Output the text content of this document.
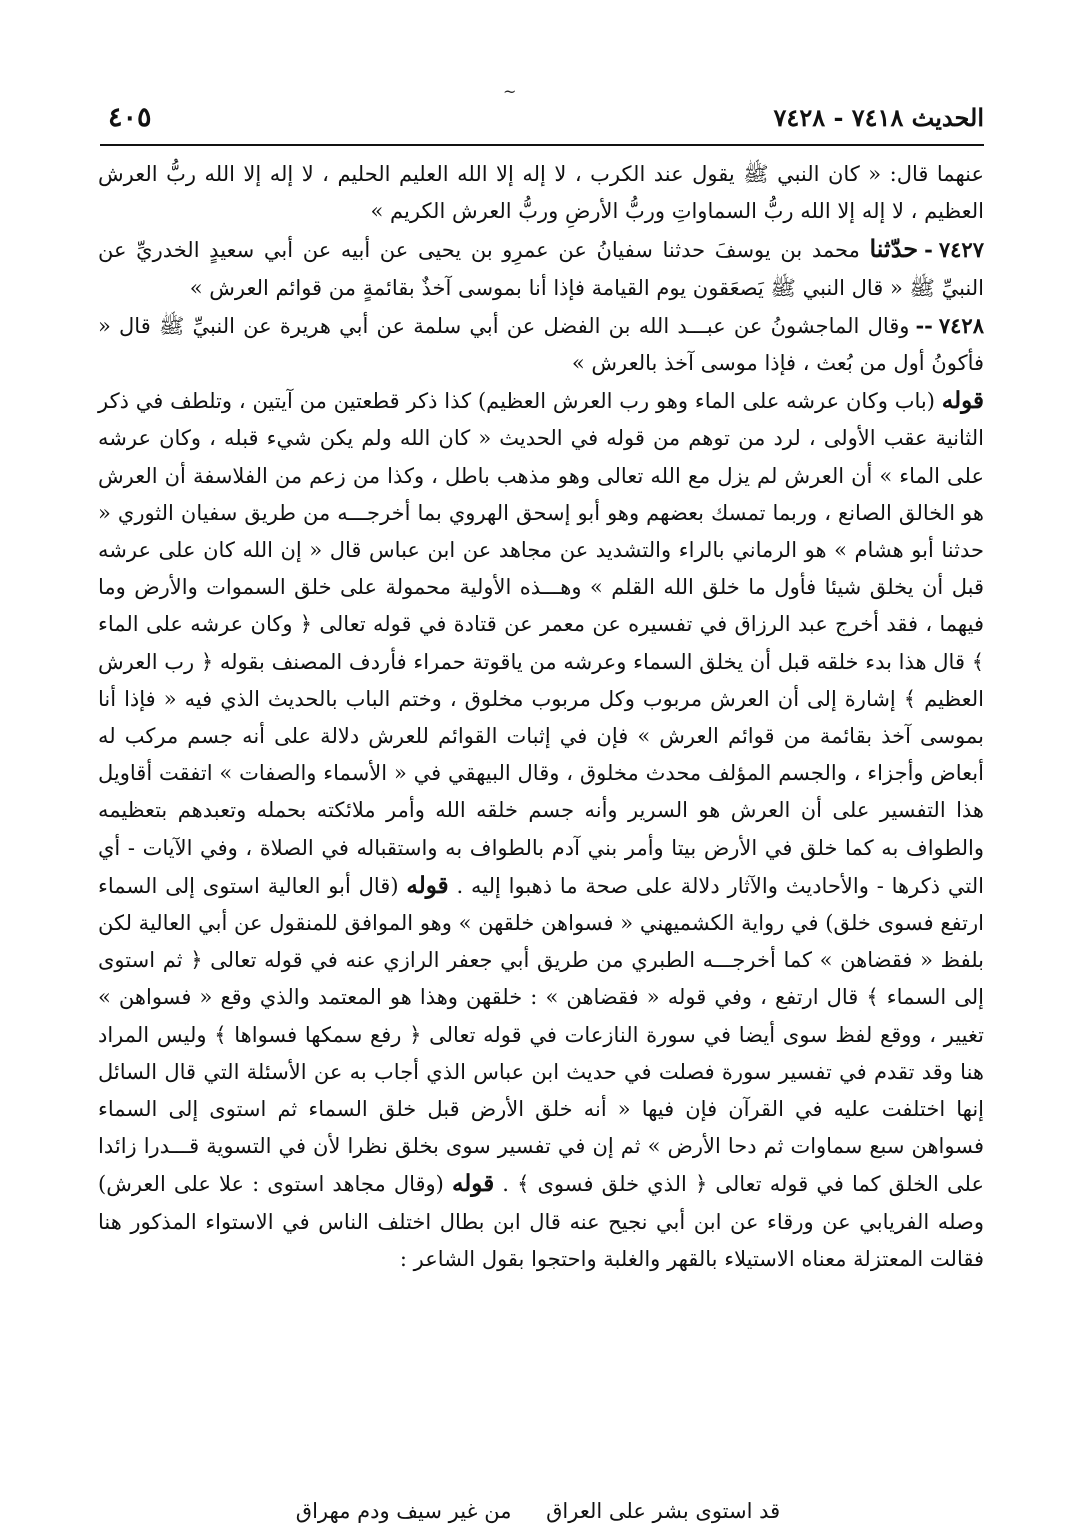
~
الحديث ٧٤١٨ - ٧٤٢٨
٤٠٥

عنهما قال: « كان النبي ﷺ يقول عند الكرب ، لا إله إلا الله العليم الحليم ، لا إله إلا الله ربُّ العرش العظيم ، لا إله إلا الله ربُّ السماواتِ وربُّ الأرضِ وربُّ العرش الكريم »

٧٤٢٧-حدّثنا محمد بن يوسفَ حدثنا سفيانُ عن عمرِو بن يحيى عن أبيه عن أبي سعيدٍ الخدريِّ عن النبيِّ ﷺ « قال النبي ﷺ يَصعَقون يوم القيامة فإذا أنا بموسى آخذٌ بقائمةٍ من قوائم العرش »

٧٤٢٨--وقال الماجشونُ عن عبـــد الله بن الفضل عن أبي سلمة عن أبي هريرة عن النبيِّ ﷺ قال « فأكونُ أول من بُعث ، فإذا موسى آخذ بالعرش »

قوله (باب وكان عرشه على الماء وهو رب العرش العظيم) كذا ذكر قطعتين من آيتين ، وتلطف في ذكر الثانية عقب الأولى ، لرد من توهم من قوله في الحديث « كان الله ولم يكن شيء قبله ، وكان عرشه على الماء » أن العرش لم يزل مع الله تعالى وهو مذهب باطل ، وكذا من زعم من الفلاسفة أن العرش هو الخالق الصانع ، وربما تمسك بعضهم وهو أبو إسحق الهروي بما أخرجـــه من طريق سفيان الثوري « حدثنا أبو هشام » هو الرماني بالراء والتشديد عن مجاهد عن ابن عباس قال « إن الله كان على عرشه قبل أن يخلق شيئا فأول ما خلق الله القلم » وهـــذه الأولية محمولة على خلق السموات والأرض وما فيهما ، فقد أخرج عبد الرزاق في تفسيره عن معمر عن قتادة في قوله تعالى ﴿ وكان عرشه على الماء ﴾ قال هذا بدء خلقه قبل أن يخلق السماء وعرشه من ياقوتة حمراء فأردف المصنف بقوله ﴿ رب العرش العظيم ﴾ إشارة إلى أن العرش مربوب وكل مربوب مخلوق ، وختم الباب بالحديث الذي فيه « فإذا أنا بموسى آخذ بقائمة من قوائم العرش » فإن في إثبات القوائم للعرش دلالة على أنه جسم مركب له أبعاض وأجزاء ، والجسم المؤلف محدث مخلوق ، وقال البيهقي في « الأسماء والصفات » اتفقت أقاويل هذا التفسير على أن العرش هو السرير وأنه جسم خلقه الله وأمر ملائكته بحمله وتعبدهم بتعظيمه والطواف به كما خلق في الأرض بيتا وأمر بني آدم بالطواف به واستقباله في الصلاة ، وفي الآيات - أي التي ذكرها - والأحاديث والآثار دلالة على صحة ما ذهبوا إليه . قوله (قال أبو العالية استوى إلى السماء ارتفع فسوى خلق) في رواية الكشميهني « فسواهن خلقهن » وهو الموافق للمنقول عن أبي العالية لكن بلفظ « فقضاهن » كما أخرجـــه الطبري من طريق أبي جعفر الرازي عنه في قوله تعالى ﴿ ثم استوى إلى السماء ﴾ قال ارتفع ، وفي قوله « فقضاهن » : خلقهن وهذا هو المعتمد والذي وقع « فسواهن » تغيير ، ووقع لفظ سوى أيضا في سورة النازعات في قوله تعالى ﴿ رفع سمكها فسواها ﴾ وليس المراد هنا وقد تقدم في تفسير سورة فصلت في حديث ابن عباس الذي أجاب به عن الأسئلة التي قال السائل إنها اختلفت عليه في القرآن فإن فيها « أنه خلق الأرض قبل خلق السماء ثم استوى إلى السماء فسواهن سبع سماوات ثم دحا الأرض » ثم إن في تفسير سوى بخلق نظرا لأن في التسوية قـــدرا زائدا على الخلق كما في قوله تعالى ﴿ الذي خلق فسوى ﴾ . قوله (وقال مجاهد استوى : علا على العرش) وصله الفريابي عن ورقاء عن ابن أبي نجيح عنه قال ابن بطال اختلف الناس في الاستواء المذكور هنا فقالت المعتزلة معناه الاستيلاء بالقهر والغلبة واحتجوا بقول الشاعر :

قد استوى بشر على العراق من غير سيف ودم مهراق
